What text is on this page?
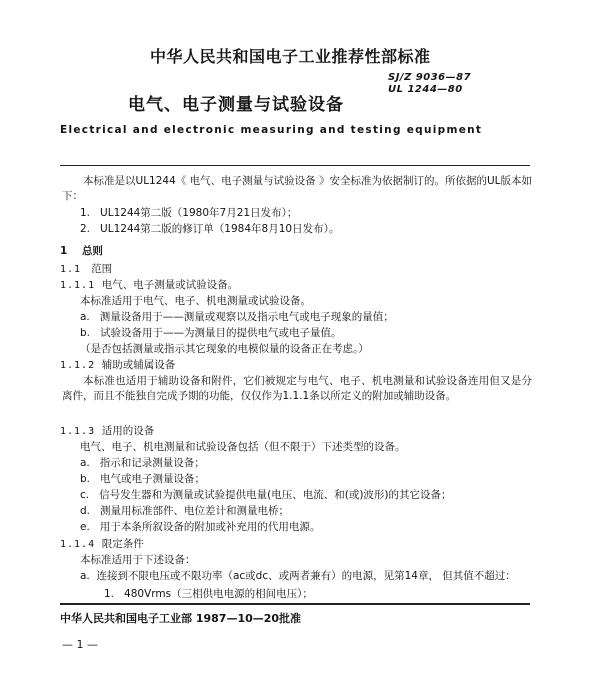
中华人民共和国电子工业推荐性部标准
SJ/Z 9036—87
UL 1244—80
电气、电子测量与试验设备
Electrical and electronic measuring and testing equipment
本标准是以UL1244《 电气、电子测量与试验设备 》安全标准为依据制订的。所依据的UL版本如下：
1. UL1244第二版（1980年7月21日发布）；
2. UL1244第二版的修订单（1984年8月10日发布）。
1 总则
1.1 范围
1.1.1 电气、电子测量或试验设备。
本标准适用于电气、电子、机电测量或试验设备。
a. 测量设备用于——测量或观察以及指示电气或电子现象的量值；
b. 试验设备用于——为测量目的提供电气或电子量值。
（是否包括测量或指示其它现象的电模似量的设备正在考虑。）
1.1.2 辅助或辅属设备
本标准也适用于辅助设备和附件，它们被规定与电气、电子、机电测量和试验设备连用但又是分离件，而且不能独自完成予期的功能，仅仅作为1.1.1条以所定义的附加或辅助设备。
1.1.3 适用的设备
电气、电子、机电测量和试验设备包括（但不限于）下述类型的设备。
a. 指示和记录测量设备；
b. 电气或电子测量设备；
c. 信号发生器和为测量或试验提供电量(电压、电流、和(或)波形)的其它设备；
d. 测量用标准部件、电位差计和测量电桥；
e. 用于本条所叙设备的附加或补充用的代用电源。
1.1.4 限定条件
本标准适用于下述设备：
a. 连接到不限电压或不限功率（ac或dc、或两者兼有）的电源，见第14章， 但其值不超过：
1. 480Vrms（三相供电电源的相间电压）；
中华人民共和国电子工业部 1987—10—20批准
— 1 —
